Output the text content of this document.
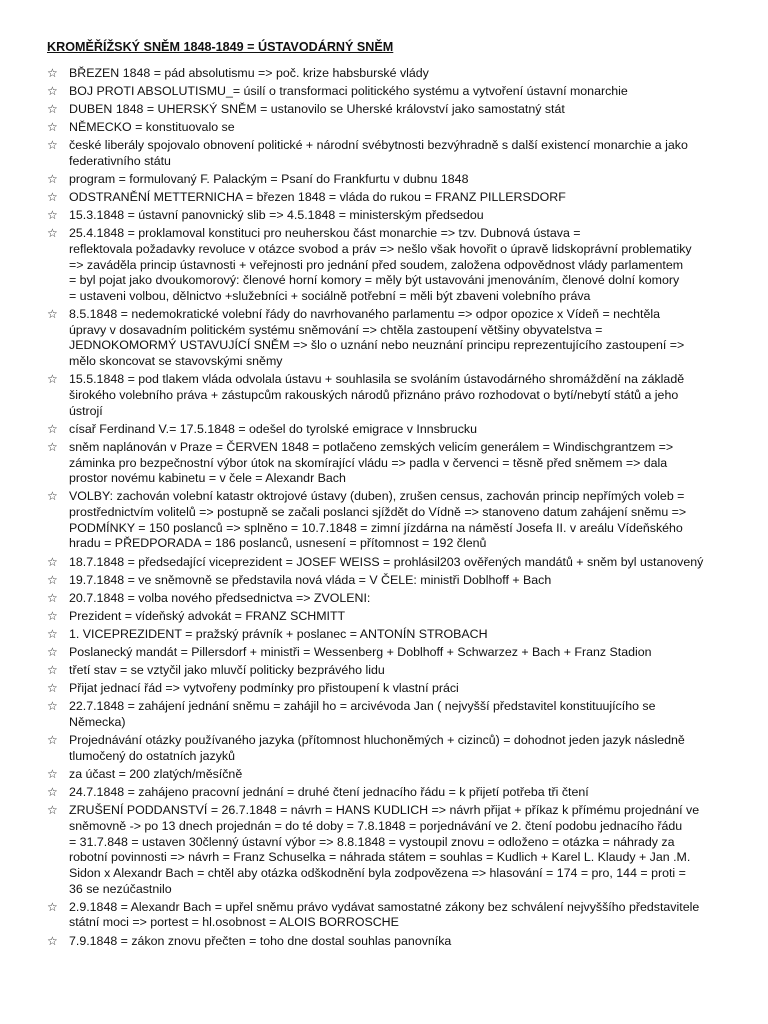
KROMĚŘÍŽSKÝ SNĚM 1848-1849 = ÚSTAVODÁRNÝ SNĚM
☆ BŘEZEN 1848 = pád absolutismu => poč. krize habsburské vlády
☆ BOJ PROTI ABSOLUTISMU_= úsilí o transformaci politického systému a vytvoření ústavní monarchie
☆ DUBEN 1848 = UHERSKÝ SNĚM = ustanovilo se Uherské království jako samostatný stát
☆ NĚMECKO = konstituovalo se
☆ české liberály spojovalo obnovení politické + národní svébytnosti bezvýhradně s další existencí monarchie a jako
federativního státu
☆ program = formulovaný F. Palackým = Psaní do Frankfurtu v dubnu 1848
☆ ODSTRANĚNÍ METTERNICHA = březen 1848 = vláda do rukou = FRANZ PILLERSDORF
☆ 15.3.1848 = ústavní panovnický slib => 4.5.1848 = ministerským předsedou
☆ 25.4.1848 = proklamoval konstituci pro neuherskou část monarchie => tzv. Dubnová ústava =
reflektovala požadavky revoluce v otázce svobod a práv => nešlo však hovořit o úpravě lidskoprávní problematiky
=> zaváděla princip ústavnosti + veřejnosti pro jednání před soudem, založena odpovědnost vlády parlamentem
= byl pojat jako dvoukomorový: členové horní komory = měly být ustavováni jmenováním, členové dolní komory
= ustaveni volbou, dělnictvo +služebníci + sociálně potřební = měli být zbaveni volebního práva
☆ 8.5.1848 = nedemokratické volební řády do navrhovaného parlamentu => odpor opozice x Vídeň = nechtěla
úpravy v dosavadním politickém systému sněmování => chtěla zastoupení většiny obyvatelstva =
JEDNOKOMORMÝ USTAVUJÍCÍ SNĚM => šlo o uznání nebo neuznání principu reprezentujícího zastoupení =>
mělo skoncovat se stavovskými sněmy
☆ 15.5.1848 = pod tlakem vláda odvolala ústavu + souhlasila se svoláním ústavodárného shromáždění na základě
širokého volebního práva + zástupcům rakouských národů přiznáno právo rozhodovat o bytí/nebytí států a jeho
ústrojí
☆ císař Ferdinand V.= 17.5.1848 = odešel do tyrolské emigrace v Innsbrucku
☆ sněm naplánován v Praze = ČERVEN 1848 = potlačeno zemských velicím generálem = Windischgrantzem =>
záminka pro bezpečnostní výbor útok na skomírající vládu => padla v červenci = těsně před sněmem => dala
prostor novému kabinetu = v čele = Alexandr Bach
☆ VOLBY: zachován volební katastr oktrojové ústavy (duben), zrušen census, zachován princip nepřímých voleb =
prostřednictvím volitelů => postupně se začali poslanci sjíždět do Vídně => stanoveno datum zahájení sněmu =>
PODMÍNKY = 150 poslanců => splněno = 10.7.1848 = zimní jízdárna na náměstí Josefa II. v areálu Vídeňského
hradu = PŘEDPORADA = 186 poslanců, usnesení = přítomnost = 192 členů
☆ 18.7.1848 = předsedající viceprezident = JOSEF WEISS = prohlásil203 ověřených mandátů + sněm byl ustanovený
☆ 19.7.1848 = ve sněmovně se představila nová vláda = V ČELE: ministři Doblhoff + Bach
☆ 20.7.1848 = volba nového předsednictva => ZVOLENI:
☆ Prezident = vídeňský advokát = FRANZ SCHMITT
☆ 1. VICEPREZIDENT = pražský právník + poslanec = ANTONÍN STROBACH
☆ Poslanecký mandát = Pillersdorf + ministři = Wessenberg + Doblhoff + Schwarzez + Bach + Franz Stadion
☆ třetí stav = se vztyčil jako mluvčí politicky bezprávého lidu
☆ Přijat jednací řád => vytvořeny podmínky pro přistoupení k vlastní práci
☆ 22.7.1848 = zahájení jednání sněmu = zahájil ho = arcivévoda Jan ( nejvyšší představitel konstituujícího se
Německa)
☆ Projednávání otázky používaného jazyka (přítomnost hluchoněmých + cizinců) = dohodnot jeden jazyk následně
tlumočený do ostatních jazyků
☆ za účast = 200 zlatých/měsíčně
☆ 24.7.1848 = zahájeno pracovní jednání = druhé čtení jednacího řádu = k přijetí potřeba tři čtení
☆ ZRUŠENÍ PODDANSTVÍ = 26.7.1848 = návrh = HANS KUDLICH => návrh přijat + příkaz k přímému projednání ve
sněmovně -> po 13 dnech projednán = do té doby = 7.8.1848 = porjednávání ve 2. čtení podobu jednacího řádu
= 31.7.848 = ustaven 30členný ústavní výbor => 8.8.1848 = vystoupil znovu = odloženo = otázka = náhrady za
robotní povinnosti => návrh = Franz Schuselka = náhrada státem = souhlas = Kudlich + Karel L. Klaudy + Jan .M.
Sidon x Alexandr Bach = chtěl aby otázka odškodnění byla zodpovězena => hlasování = 174 = pro, 144 = proti =
36 se nezúčastnilo
☆ 2.9.1848 = Alexandr Bach = upřel sněmu právo vydávat samostatné zákony bez schválení nejvyššího představitele
státní moci => portest = hl.osobnost = ALOIS BORROSCHE
☆ 7.9.1848 = zákon znovu přečten = toho dne dostal souhlas panovníka
